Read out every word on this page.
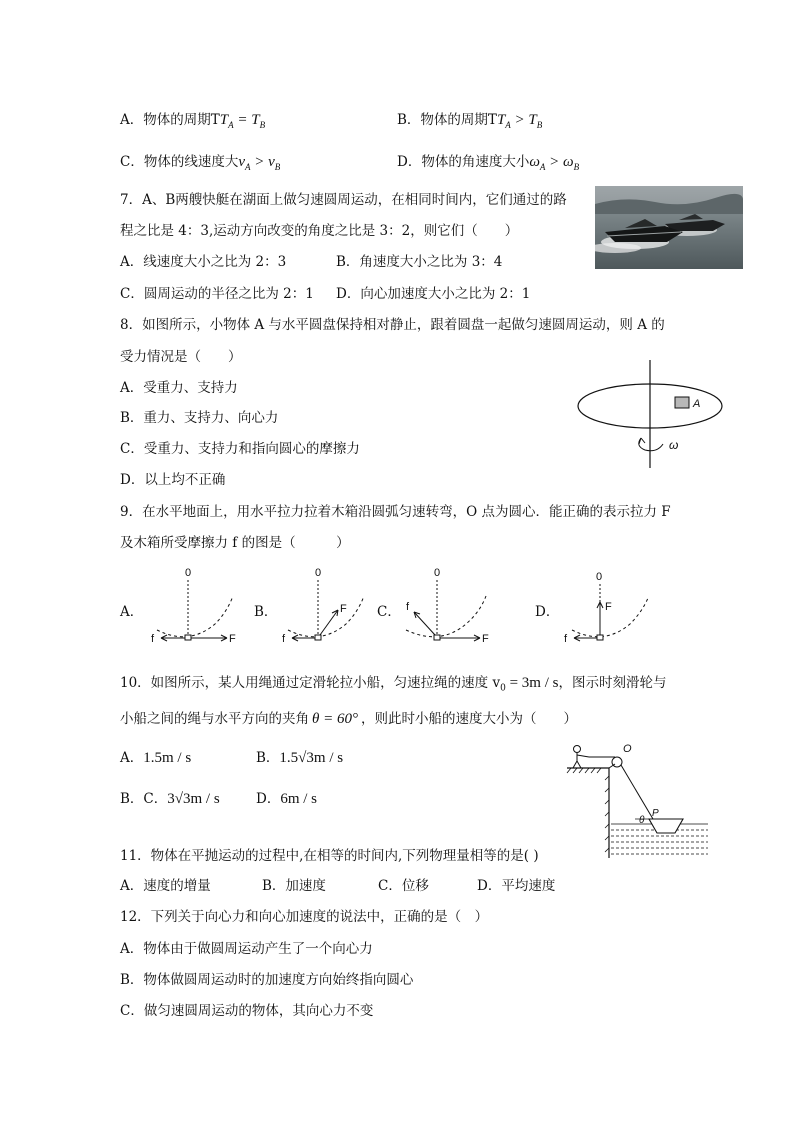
A．物体的周期$TT_A = T_B$	B．物体的周期$TT_A > T_B$
C．物体的线速度大$v_A > v_B$	D．物体的角速度大小$\omega_A > \omega_B$
7．A、B两艘快艇在湖面上做匀速圆周运动，在相同时间内，它们通过的路
程之比是 4：3,运动方向改变的角度之比是 3：2，则它们（　　）
A．线速度大小之比为 2：3	B．角速度大小之比为 3：4
C．圆周运动的半径之比为 2：1 D．向心加速度大小之比为 2：1
8．如图所示，小物体 A 与水平圆盘保持相对静止，跟着圆盘一起做匀速圆周运动，则 A 的
受力情况是（　　）
A．受重力、支持力
B．重力、支持力、向心力
C．受重力、支持力和指向圆心的摩擦力
D．以上均不正确
A
ω
9．在水平地面上，用水平拉力拉着木箱沿圆弧匀速转弯，O 点为圆心．能正确的表示拉力 F
及木箱所受摩擦力 f 的图是（　　　）
A．
0
F
f
B．
0
F
f
C．
0
F
f	D．
0
F
f
10．如图所示，某人用绳通过定滑轮拉小船，匀速拉绳的速度 $v_0 = 3m / s$，图示时刻滑轮与
小船之间的绳与水平方向的夹角 θ = 60° ，则此时小船的速度大小为（　　）
A．1.5m / s	B．1.5√3m / s
B．C．3√3m / s	D．6m / s
O
P
θ
11．物体在平抛运动的过程中,在相等的时间内,下列物理量相等的是( )
A．速度的增量	B．加速度	C．位移	D．平均速度
12．下列关于向心力和向心加速度的说法中，正确的是（　）
A．物体由于做圆周运动产生了一个向心力
B．物体做圆周运动时的加速度方向始终指向圆心
C．做匀速圆周运动的物体，其向心力不变
